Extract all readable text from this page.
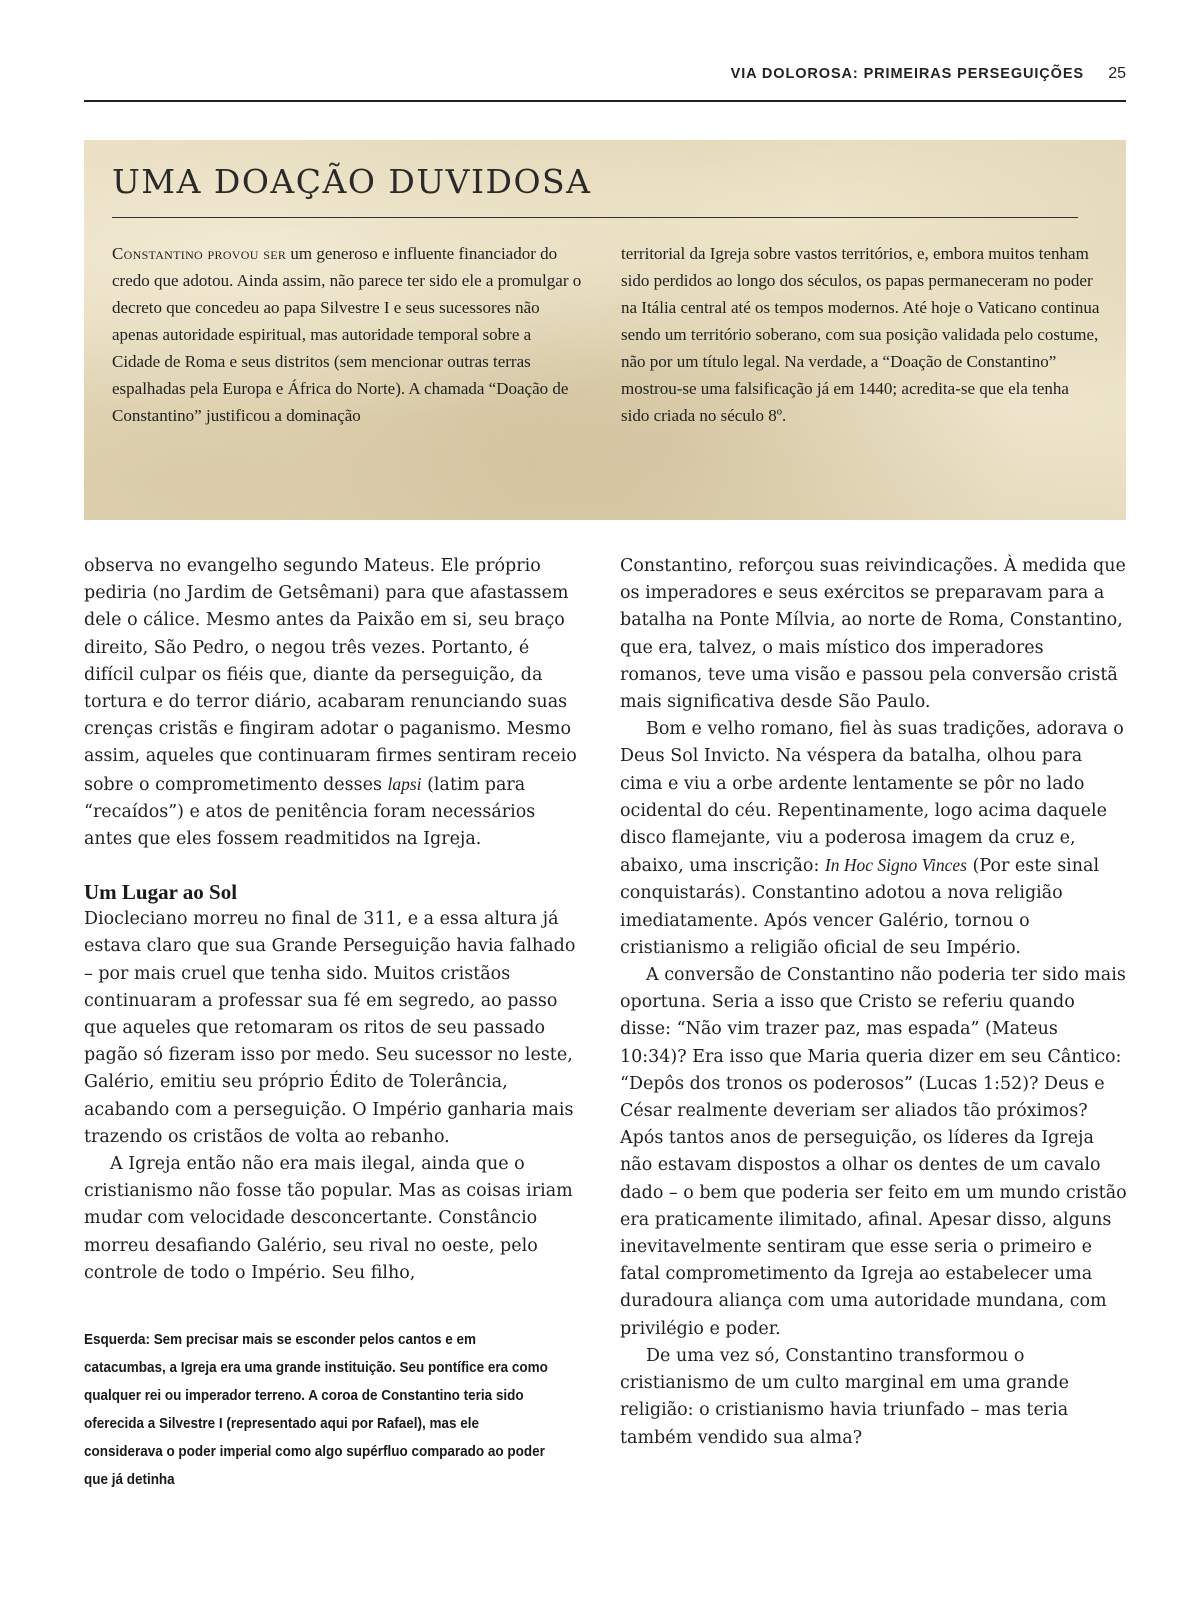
VIA DOLOROSA: PRIMEIRAS PERSEGUIÇÕES 25
UMA DOAÇÃO DUVIDOSA

Constantino provou ser um generoso e influente financiador do credo que adotou. Ainda assim, não parece ter sido ele a promulgar o decreto que concedeu ao papa Silvestre I e seus sucessores não apenas autoridade espiritual, mas autoridade temporal sobre a Cidade de Roma e seus distritos (sem mencionar outras terras espalhadas pela Europa e África do Norte). A chamada “Doação de Constantino” justificou a dominação

territorial da Igreja sobre vastos territórios, e, embora muitos tenham sido perdidos ao longo dos séculos, os papas permaneceram no poder na Itália central até os tempos modernos. Até hoje o Vaticano continua sendo um território soberano, com sua posição validada pelo costume, não por um título legal. Na verdade, a “Doação de Constantino” mostrou-se uma falsificação já em 1440; acredita-se que ela tenha sido criada no século 8º.

observa no evangelho segundo Mateus. Ele próprio pediria (no Jardim de Getsêmani) para que afastassem dele o cálice. Mesmo antes da Paixão em si, seu braço direito, São Pedro, o negou três vezes. Portanto, é difícil culpar os fiéis que, diante da perseguição, da tortura e do terror diário, acabaram renunciando suas crenças cristãs e fingiram adotar o paganismo. Mesmo assim, aqueles que continuaram firmes sentiram receio sobre o comprometimento desses lapsi (latim para “recaídos”) e atos de penitência foram necessários antes que eles fossem readmitidos na Igreja.

Um Lugar ao Sol

Diocleciano morreu no final de 311, e a essa altura já estava claro que sua Grande Perseguição havia falhado – por mais cruel que tenha sido. Muitos cristãos continuaram a professar sua fé em segredo, ao passo que aqueles que retomaram os ritos de seu passado pagão só fizeram isso por medo. Seu sucessor no leste, Galério, emitiu seu próprio Édito de Tolerância, acabando com a perseguição. O Império ganharia mais trazendo os cristãos de volta ao rebanho.

A Igreja então não era mais ilegal, ainda que o cristianismo não fosse tão popular. Mas as coisas iriam mudar com velocidade desconcertante. Constâncio morreu desafiando Galério, seu rival no oeste, pelo controle de todo o Império. Seu filho,

Esquerda: Sem precisar mais se esconder pelos cantos e em catacumbas, a Igreja era uma grande instituição. Seu pontífice era como qualquer rei ou imperador terreno. A coroa de Constantino teria sido oferecida a Silvestre I (representado aqui por Rafael), mas ele considerava o poder imperial como algo supérfluo comparado ao poder que já detinha

Constantino, reforçou suas reivindicações. À medida que os imperadores e seus exércitos se preparavam para a batalha na Ponte Mílvia, ao norte de Roma, Constantino, que era, talvez, o mais místico dos imperadores romanos, teve uma visão e passou pela conversão cristã mais significativa desde São Paulo.

Bom e velho romano, fiel às suas tradições, adorava o Deus Sol Invicto. Na véspera da batalha, olhou para cima e viu a orbe ardente lentamente se pôr no lado ocidental do céu. Repentinamente, logo acima daquele disco flamejante, viu a poderosa imagem da cruz e, abaixo, uma inscrição: In Hoc Signo Vinces (Por este sinal conquistarás). Constantino adotou a nova religião imediatamente. Após vencer Galério, tornou o cristianismo a religião oficial de seu Império.

A conversão de Constantino não poderia ter sido mais oportuna. Seria a isso que Cristo se referiu quando disse: “Não vim trazer paz, mas espada” (Mateus 10:34)? Era isso que Maria queria dizer em seu Cântico: “Depôs dos tronos os poderosos” (Lucas 1:52)? Deus e César realmente deveriam ser aliados tão próximos? Após tantos anos de perseguição, os líderes da Igreja não estavam dispostos a olhar os dentes de um cavalo dado – o bem que poderia ser feito em um mundo cristão era praticamente ilimitado, afinal. Apesar disso, alguns inevitavelmente sentiram que esse seria o primeiro e fatal comprometimento da Igreja ao estabelecer uma duradoura aliança com uma autoridade mundana, com privilégio e poder.

De uma vez só, Constantino transformou o cristianismo de um culto marginal em uma grande religião: o cristianismo havia triunfado – mas teria também vendido sua alma?
